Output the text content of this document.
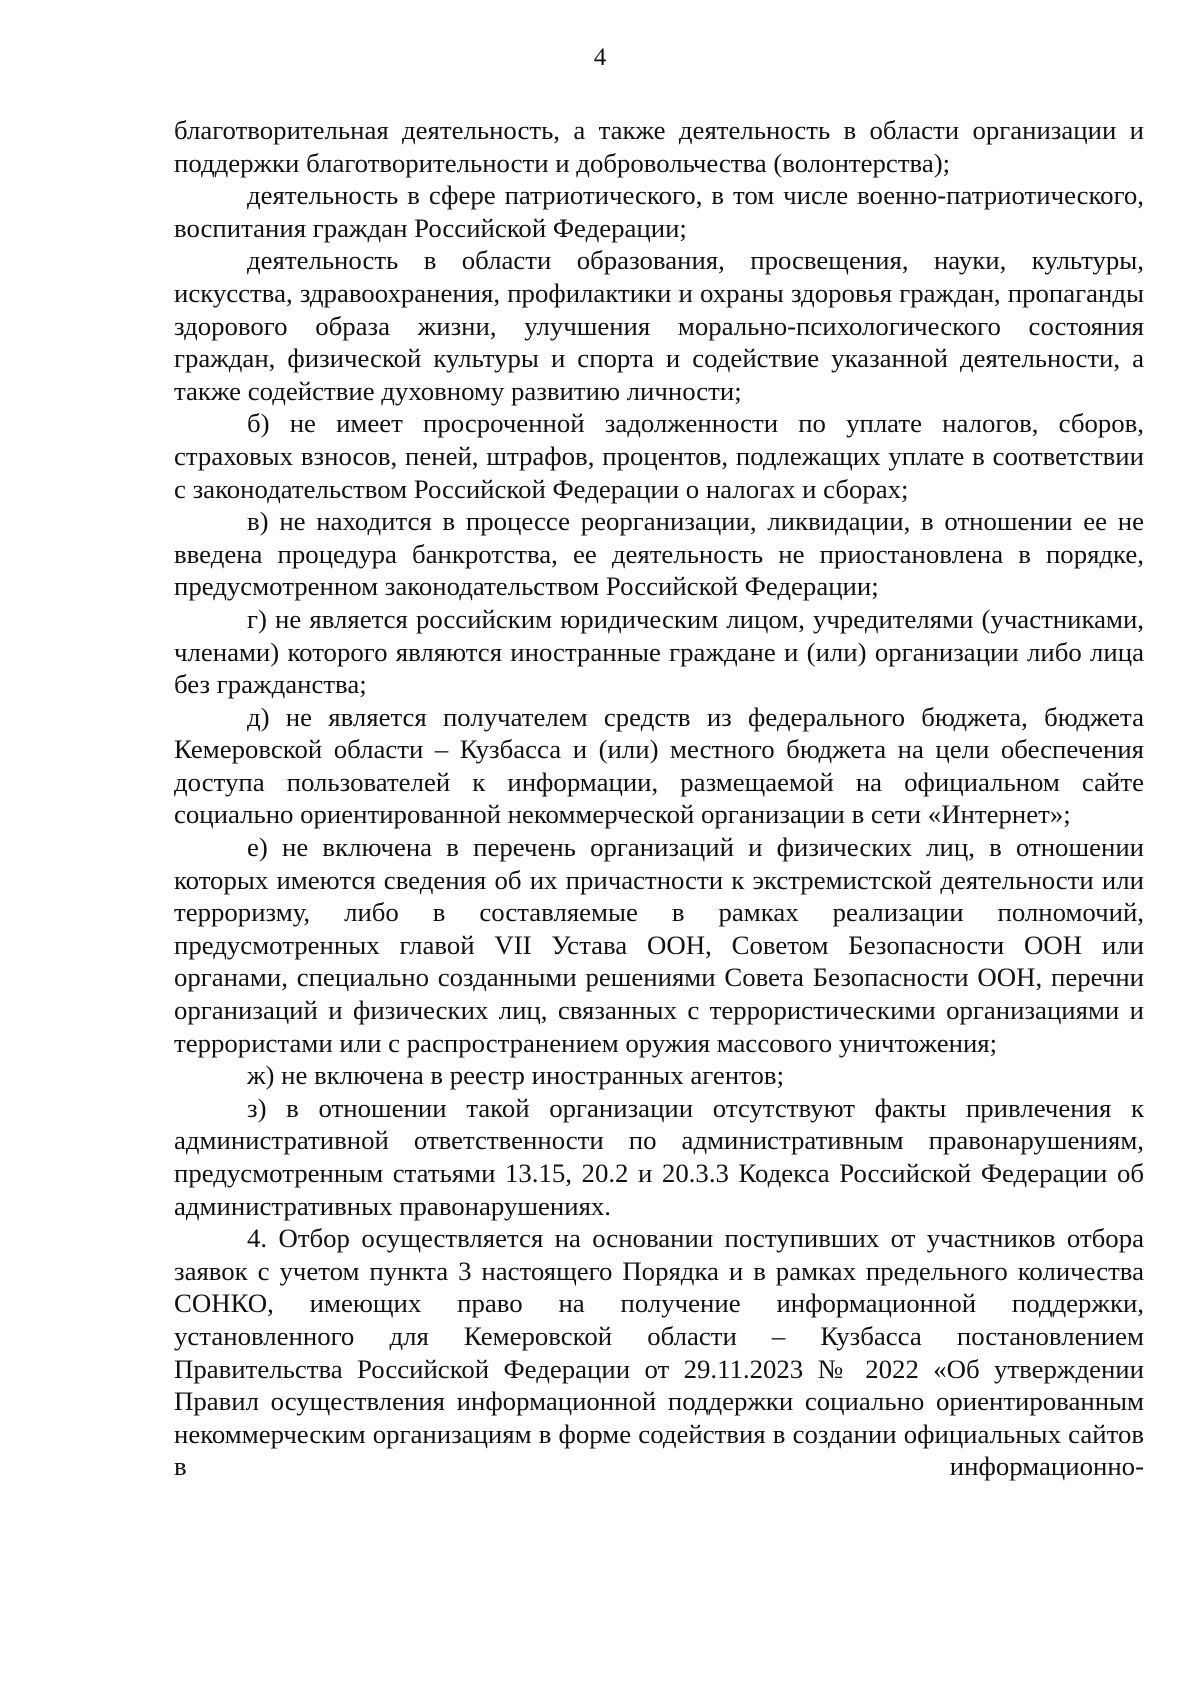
4

благотворительная деятельность, а также деятельность в области организации и поддержки благотворительности и добровольчества (волонтерства);

деятельность в сфере патриотического, в том числе военно-патриотического, воспитания граждан Российской Федерации;

деятельность в области образования, просвещения, науки, культуры, искусства, здравоохранения, профилактики и охраны здоровья граждан, пропаганды здорового образа жизни, улучшения морально-психологического состояния граждан, физической культуры и спорта и содействие указанной деятельности, а также содействие духовному развитию личности;

б) не имеет просроченной задолженности по уплате налогов, сборов, страховых взносов, пеней, штрафов, процентов, подлежащих уплате в соответствии с законодательством Российской Федерации о налогах и сборах;

в) не находится в процессе реорганизации, ликвидации, в отношении ее не введена процедура банкротства, ее деятельность не приостановлена в порядке, предусмотренном законодательством Российской Федерации;

г) не является российским юридическим лицом, учредителями (участниками, членами) которого являются иностранные граждане и (или) организации либо лица без гражданства;

д) не является получателем средств из федерального бюджета, бюджета Кемеровской области – Кузбасса и (или) местного бюджета на цели обеспечения доступа пользователей к информации, размещаемой на официальном сайте социально ориентированной некоммерческой организации в сети «Интернет»;

е) не включена в перечень организаций и физических лиц, в отношении которых имеются сведения об их причастности к экстремистской деятельности или терроризму, либо в составляемые в рамках реализации полномочий, предусмотренных главой VII Устава ООН, Советом Безопасности ООН или органами, специально созданными решениями Совета Безопасности ООН, перечни организаций и физических лиц, связанных с террористическими организациями и террористами или с распространением оружия массового уничтожения;

ж) не включена в реестр иностранных агентов;

з) в отношении такой организации отсутствуют факты привлечения к административной ответственности по административным правонарушениям, предусмотренным статьями 13.15, 20.2 и 20.3.3 Кодекса Российской Федерации об административных правонарушениях.

4. Отбор осуществляется на основании поступивших от участников отбора заявок с учетом пункта 3 настоящего Порядка и в рамках предельного количества СОНКО, имеющих право на получение информационной поддержки, установленного для Кемеровской области – Кузбасса постановлением Правительства Российской Федерации от 29.11.2023 № 2022 «Об утверждении Правил осуществления информационной поддержки социально ориентированным некоммерческим организациям в форме содействия в создании официальных сайтов в информационно-
